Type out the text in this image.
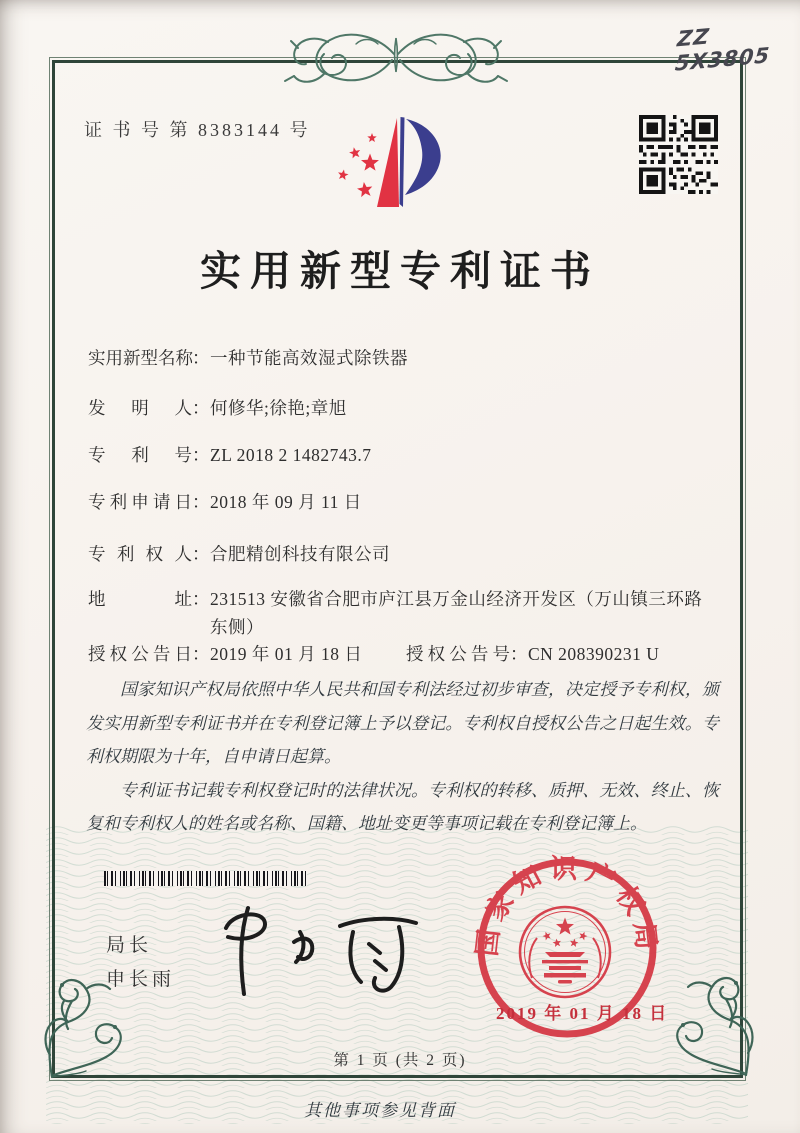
ZZ 5X3805
证 书 号 第 8383144 号
实用新型专利证书
实用新型名称：一种节能高效湿式除铁器
发明人：何修华;徐艳;章旭
专利号：ZL 2018 2 1482743.7
专利申请日：2018 年 09 月 11 日
专利权人：合肥精创科技有限公司
地址：231513 安徽省合肥市庐江县万金山经济开发区（万山镇三环路东侧）
授权公告日：2019 年 01 月 18 日 授权公告号：CN 208390231 U

国家知识产权局依照中华人民共和国专利法经过初步审查，决定授予专利权，颁发实用新型专利证书并在专利登记簿上予以登记。专利权自授权公告之日起生效。专利权期限为十年，自申请日起算。

专利证书记载专利权登记时的法律状况。专利权的转移、质押、无效、终止、恢复和专利权人的姓名或名称、国籍、地址变更等事项记载在专利登记簿上。

局长
申长雨
国家知识产权局
2019 年 01 月 18 日
第 1 页 (共 2 页)
其他事项参见背面
